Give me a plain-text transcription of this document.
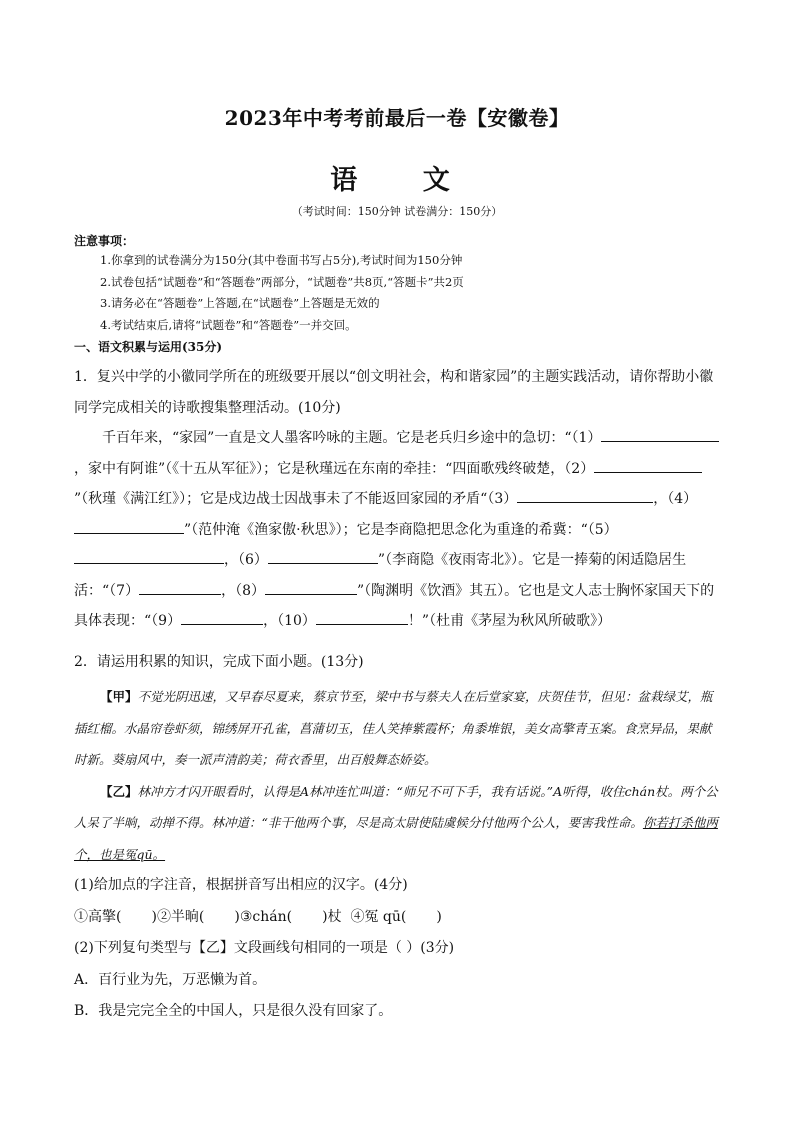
2023年中考考前最后一卷【安徽卷】
语 文
（考试时间：150分钟 试卷满分：150分）
注意事项：
1.你拿到的试卷满分为150分(其中卷面书写占5分),考试时间为150分钟
2.试卷包括“试题卷”和“答题卷”两部分，“试题卷”共8页,“答题卡”共2页
3.请务必在“答题卷”上答题,在“试题卷”上答题是无效的
4.考试结束后,请将“试题卷”和“答题卷”一并交回。
一、语文积累与运用(35分)

1．复兴中学的小徽同学所在的班级要开展以“创文明社会，构和谐家园”的主题实践活动，请你帮助小徽同学完成相关的诗歌搜集整理活动。(10分)

千百年来，“家园”一直是文人墨客吟咏的主题。它是老兵归乡途中的急切：“（1），家中有阿谁”（《十五从军征》）；它是秋瑾远在东南的牵挂：“四面歌残终破楚，（2）”（秋瑾《满江红》）；它是戍边战士因战事未了不能返回家园的矛盾“（3）	，（4）
”（范仲淹《渔家傲·秋思》）；它是李商隐把思念化为重逢的希冀：“（5）
，（6）	”（李商隐《夜雨寄北》）。它是一捧菊的闲适隐居生活：“（7）	，（8）	”（陶渊明《饮酒》其五）。它也是文人志士胸怀家国天下的具体表现：“（9）	，（10）	！”（杜甫《茅屋为秋风所破歌》）

2．请运用积累的知识，完成下面小题。(13分)

【甲】不觉光阴迅速，又早春尽夏来，蔡京节至，梁中书与蔡夫人在后堂家宴，庆贺佳节，但见：盆栽绿艾，瓶插红榴。水晶帘卷虾须，锦绣屏开孔雀，菖蒲切玉，佳人笑捧紫霞杯；角黍堆银，美女高擎青玉案。食烹异品，果献时新。葵扇风中，奏一派声清韵美；荷衣香里，出百般舞态娇姿。

【乙】林冲方才闪开眼看时，认得是A林冲连忙叫道：“师兄不可下手，我有话说。”A听得，收住chán杖。两个公人呆了半晌，动掸不得。林冲道：“非干他两个事，尽是高太尉使陆虞候分付他两个公人，要害我性命。你若打杀他两个，也是冤qū。

(1)给加点的字注音，根据拼音写出相应的汉字。(4分)

①高擎( )②半晌( )③chán( )杖 ④冤 qū( )

(2)下列复句类型与【乙】文段画线句相同的一项是（ ）(3分)

A．百行业为先，万恶懒为首。

B．我是完完全全的中国人，只是很久没有回家了。
